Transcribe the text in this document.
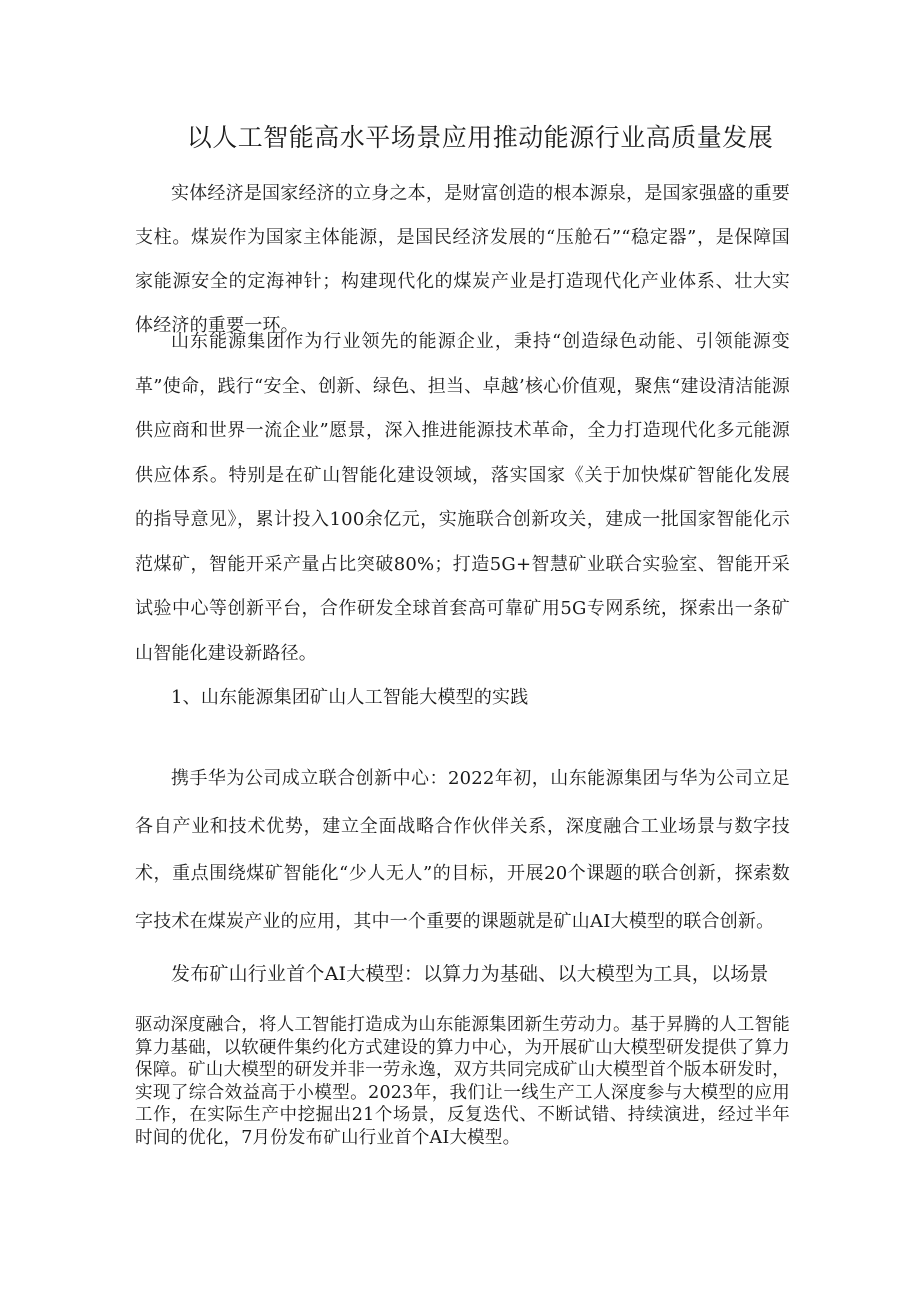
以人工智能高水平场景应用推动能源行业高质量发展

实体经济是国家经济的立身之本，是财富创造的根本源泉，是国家强盛的重要支柱。煤炭作为国家主体能源，是国民经济发展的“压舱石”“稳定器”，是保障国家能源安全的定海神针；构建现代化的煤炭产业是打造现代化产业体系、壮大实体经济的重要一环。

山东能源集团作为行业领先的能源企业，秉持“创造绿色动能、引领能源变革”使命，践行“安全、创新、绿色、担当、卓越’核心价值观，聚焦“建设清洁能源供应商和世界一流企业”愿景，深入推进能源技术革命，全力打造现代化多元能源供应体系。特别是在矿山智能化建设领域，落实国家《关于加快煤矿智能化发展的指导意见》，累计投入100余亿元，实施联合创新攻关，建成一批国家智能化示范煤矿，智能开采产量占比突破80%；打造5G+智慧矿业联合实验室、智能开采试验中心等创新平台，合作研发全球首套高可靠矿用5G专网系统，探索出一条矿山智能化建设新路径。

1、山东能源集团矿山人工智能大模型的实践

携手华为公司成立联合创新中心：2022年初，山东能源集团与华为公司立足各自产业和技术优势，建立全面战略合作伙伴关系，深度融合工业场景与数字技术，重点围绕煤矿智能化“少人无人”的目标，开展20个课题的联合创新，探索数字技术在煤炭产业的应用，其中一个重要的课题就是矿山AI大模型的联合创新。

发布矿山行业首个AI大模型：以算力为基础、以大模型为工具，以场景

驱动深度融合，将人工智能打造成为山东能源集团新生劳动力。基于昇腾的人工智能算力基础，以软硬件集约化方式建设的算力中心，为开展矿山大模型研发提供了算力保障。矿山大模型的研发并非一劳永逸，双方共同完成矿山大模型首个版本研发时，实现了综合效益高于小模型。2023年，我们让一线生产工人深度参与大模型的应用工作，在实际生产中挖掘出21个场景，反复迭代、不断试错、持续演进，经过半年时间的优化，7月份发布矿山行业首个AI大模型。
